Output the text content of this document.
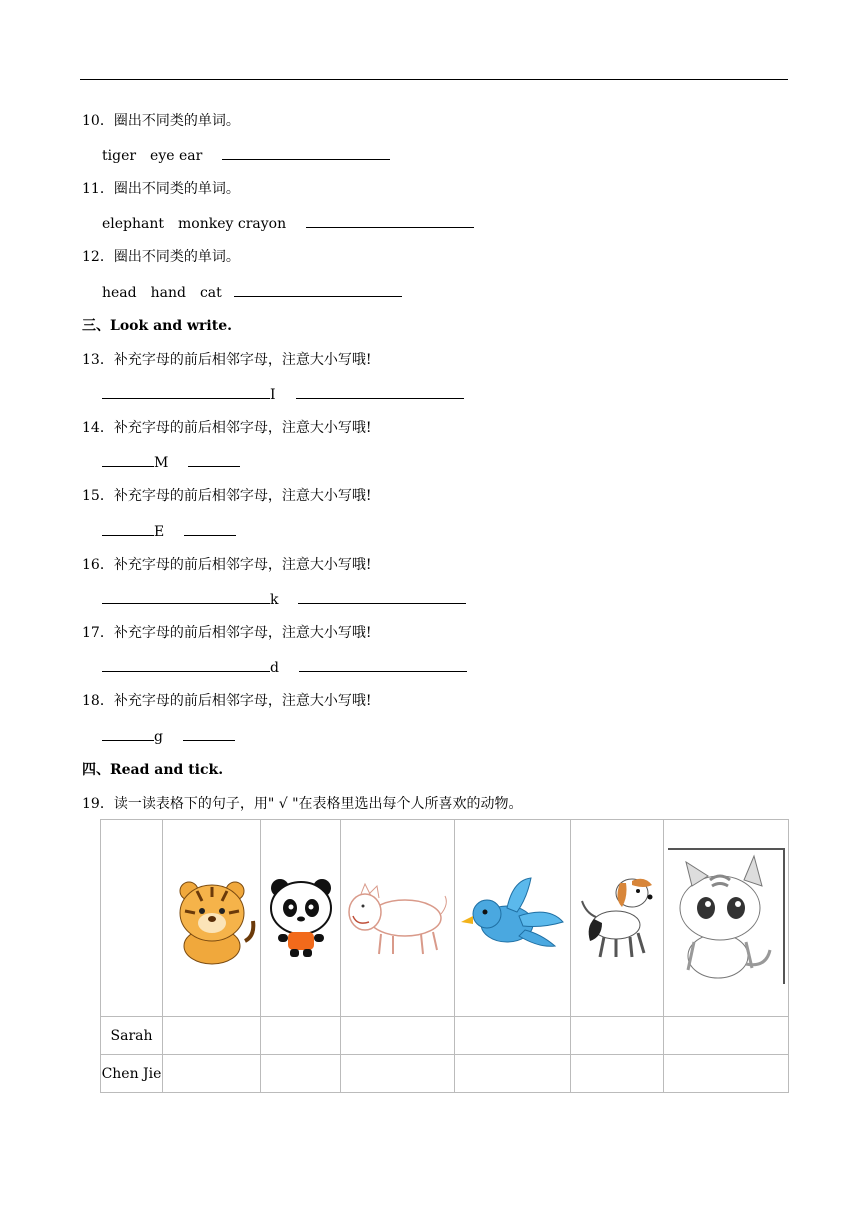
10．圈出不同类的单词。
tiger　eye ear
11．圈出不同类的单词。
elephant　monkey crayon
12．圈出不同类的单词。
head　hand　cat
三、Look and write.
13．补充字母的前后相邻字母，注意大小写哦!
I
14．补充字母的前后相邻字母，注意大小写哦!
M
15．补充字母的前后相邻字母，注意大小写哦!
E
16．补充字母的前后相邻字母，注意大小写哦!
k
17．补充字母的前后相邻字母，注意大小写哦!
d
18．补充字母的前后相邻字母，注意大小写哦!
g
四、Read and tick.
19．读一读表格下的句子，用" √ "在表格里选出每个人所喜欢的动物。

Sarah						
Chen Jie						
